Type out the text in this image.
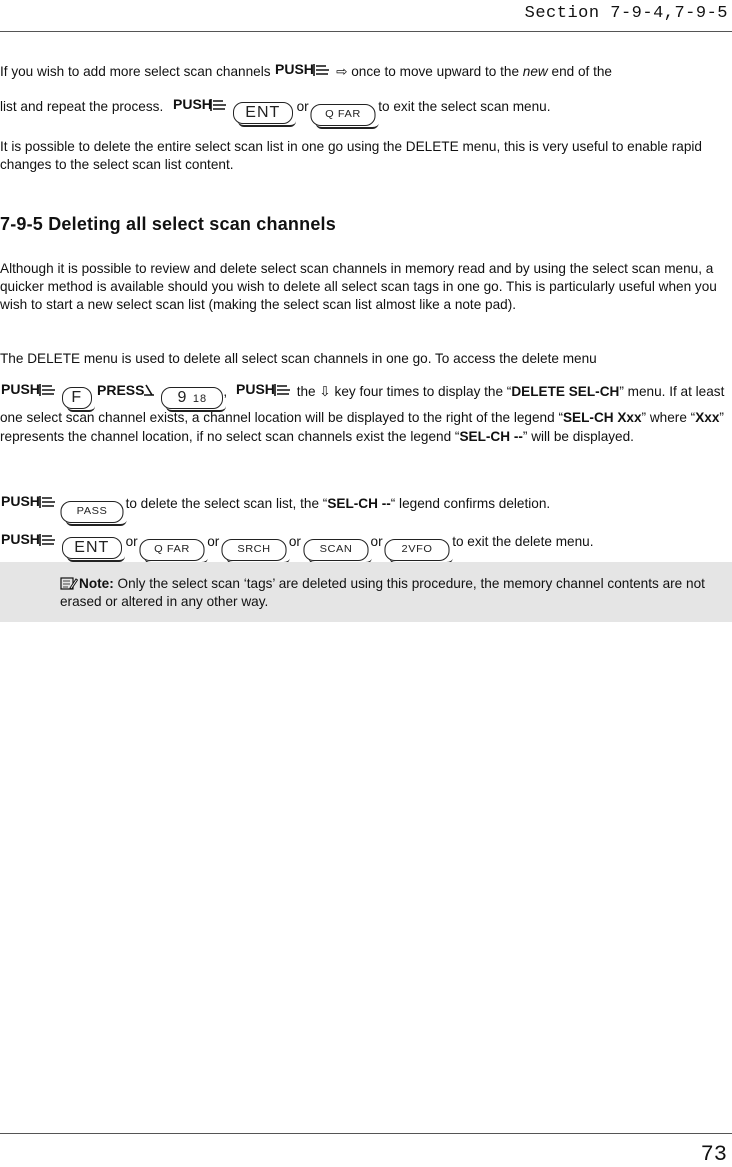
Section 7-9-4,7-9-5
If you wish to add more select scan channels PUSH ⇨ once to move upward to the new end of the
list and repeat the process. PUSH ENT or Q FAR to exit the select scan menu.
It is possible to delete the entire select scan list in one go using the DELETE menu, this is very useful to enable rapid changes to the select scan list content.
7-9-5 Deleting all select scan channels
Although it is possible to review and delete select scan channels in memory read and by using the select scan menu, a quicker method is available should you wish to delete all select scan tags in one go. This is particularly useful when you wish to start a new select scan list (making the select scan list almost like a note pad).
The DELETE menu is used to delete all select scan channels in one go. To access the delete menu
PUSH F PRESS 9 18 , PUSH the ⇩ key four times to display the “DELETE SEL-CH” menu. If at least one select scan channel exists, a channel location will be displayed to the right of the legend “SEL-CH Xxx” where “Xxx” represents the channel location, if no select scan channels exist the legend “SEL-CH --” will be displayed.
PUSH
PASS to delete the select scan list, the “SEL-CH --“ legend confirms deletion.
PUSH ENT or Q FAR or SRCH or SCAN or 2VFO to exit the delete menu.
Note: Only the select scan ‘tags’ are deleted using this procedure, the memory channel contents are not erased or altered in any other way.
73
